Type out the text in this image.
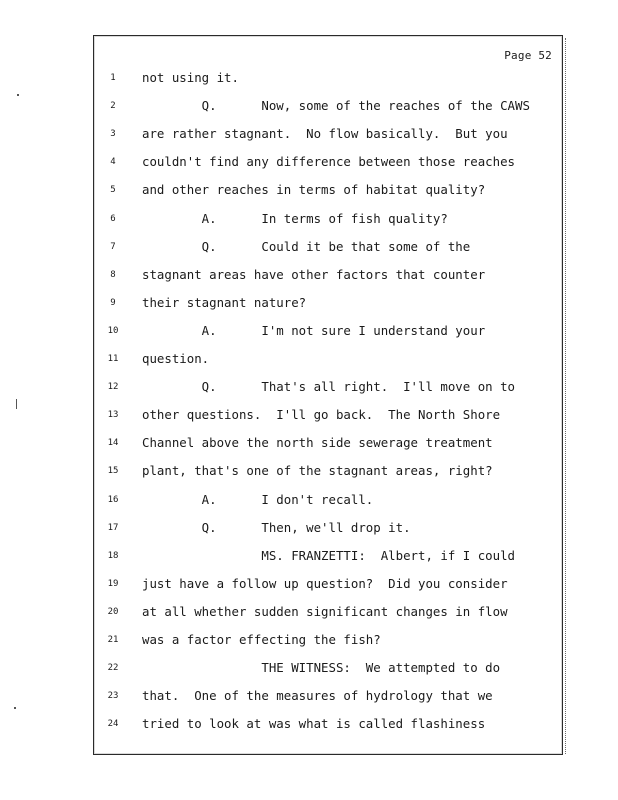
Page 52
1	not using it.
2	Q.      Now, some of the reaches of the CAWS
3	are rather stagnant.  No flow basically.  But you
4	couldn't find any difference between those reaches
5	and other reaches in terms of habitat quality?
6	A.      In terms of fish quality?
7	Q.      Could it be that some of the
8	stagnant areas have other factors that counter
9	their stagnant nature?
10	A.      I'm not sure I understand your
11	question.
12	Q.      That's all right.  I'll move on to
13	other questions.  I'll go back.  The North Shore
14	Channel above the north side sewerage treatment
15	plant, that's one of the stagnant areas, right?
16	A.      I don't recall.
17	Q.      Then, we'll drop it.
18	MS. FRANZETTI:  Albert, if I could
19	just have a follow up question?  Did you consider
20	at all whether sudden significant changes in flow
21	was a factor effecting the fish?
22	THE WITNESS:  We attempted to do
23	that.  One of the measures of hydrology that we
24	tried to look at was what is called flashiness
